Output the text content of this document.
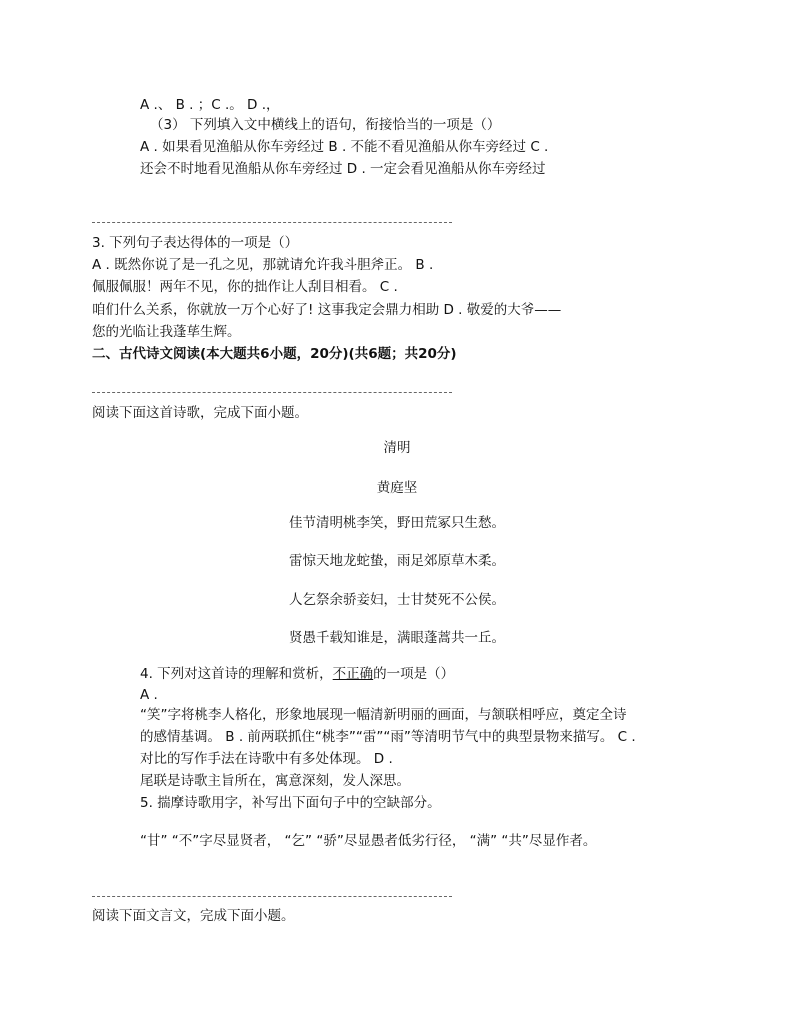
A .、 B . ；C .。 D .，
（3） 下列填入文中横线上的语句，衔接恰当的一项是（）
A . 如果看见渔船从你车旁经过 B . 不能不看见渔船从你车旁经过 C .
还会不时地看见渔船从你车旁经过 D . 一定会看见渔船从你车旁经过
3. 下列句子表达得体的一项是（）
A . 既然你说了是一孔之见，那就请允许我斗胆斧正。 B .
佩服佩服！两年不见，你的拙作让人刮目相看。 C .
咱们什么关系，你就放一万个心好了! 这事我定会鼎力相助 D . 敬爱的大爷——
您的光临让我蓬荜生辉。
二、古代诗文阅读(本大题共6小题，20分)(共6题；共20分)
阅读下面这首诗歌，完成下面小题。
清明
黄庭坚
佳节清明桃李笑，野田荒冢只生愁。
雷惊天地龙蛇蛰，雨足郊原草木柔。
人乞祭余骄妾妇，士甘焚死不公侯。
贤愚千载知谁是，满眼蓬蒿共一丘。
4. 下列对这首诗的理解和赏析，不正确的一项是（）
A .
“笑”字将桃李人格化，形象地展现一幅清新明丽的画面，与颔联相呼应，奠定全诗
的感情基调。 B . 前两联抓住“桃李”“雷”“雨”等清明节气中的典型景物来描写。 C .
对比的写作手法在诗歌中有多处体现。 D .
尾联是诗歌主旨所在，寓意深刻，发人深思。
5. 揣摩诗歌用字，补写出下面句子中的空缺部分。
“甘” “不”字尽显贤者， “乞” “骄”尽显愚者低劣行径， “满” “共”尽显作者。
阅读下面文言文，完成下面小题。
